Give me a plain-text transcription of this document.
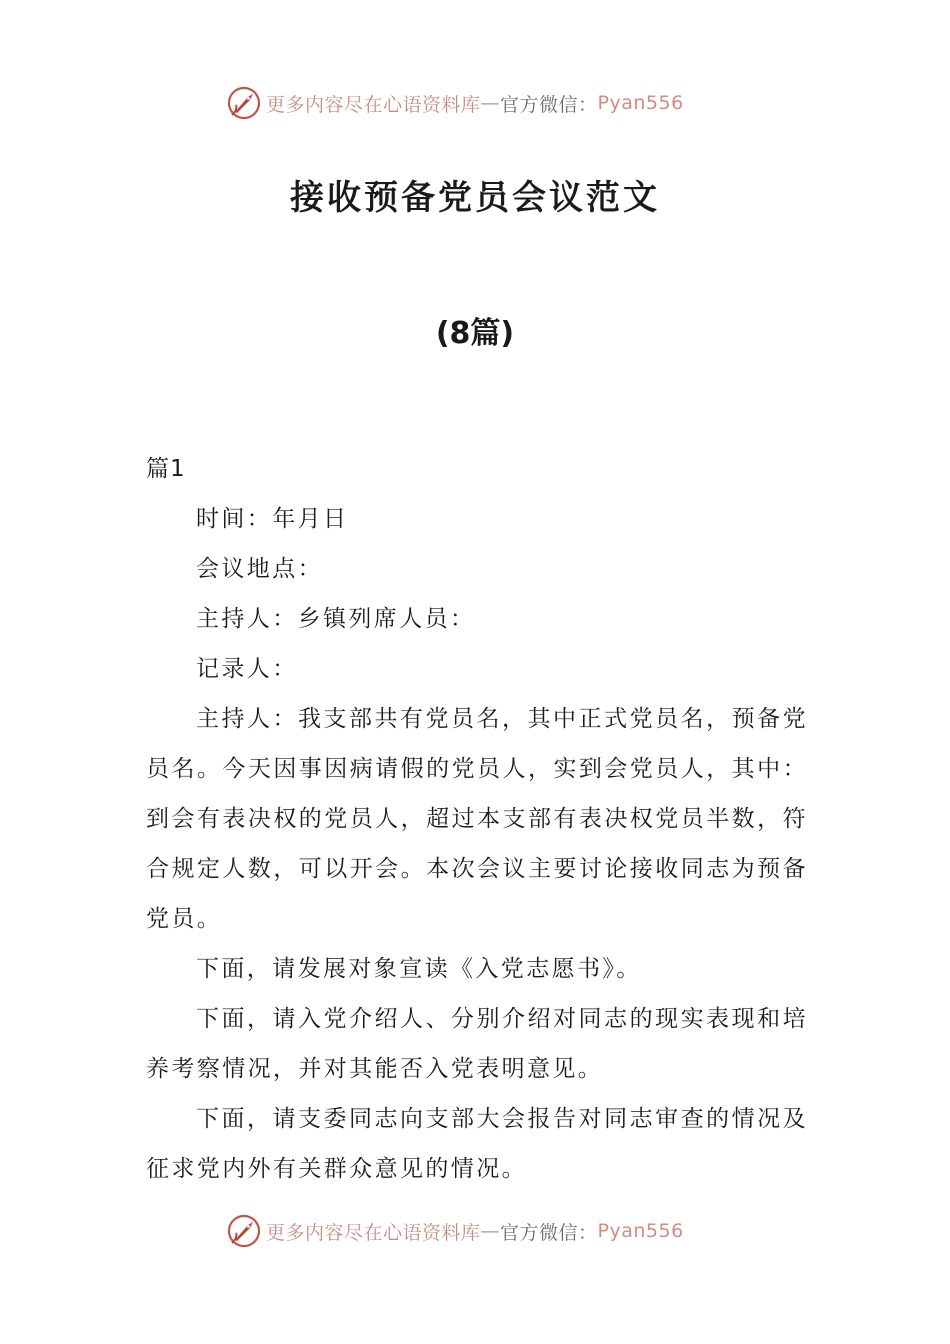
更多内容尽在心语资料库 — 官方微信： Pyan556
接收预备党员会议范文
(8篇)

篇1

时间：年月日

会议地点：

主持人：乡镇列席人员：

记录人：

主持人：我支部共有党员名，其中正式党员名，预备党员名。今天因事因病请假的党员人，实到会党员人，其中：到会有表决权的党员人，超过本支部有表决权党员半数，符合规定人数，可以开会。本次会议主要讨论接收同志为预备党员。

下面，请发展对象宣读《入党志愿书》。

下面，请入党介绍人、分别介绍对同志的现实表现和培养考察情况，并对其能否入党表明意见。

下面，请支委同志向支部大会报告对同志审查的情况及征求党内外有关群众意见的情况。

更多内容尽在心语资料库 — 官方微信： Pyan556
